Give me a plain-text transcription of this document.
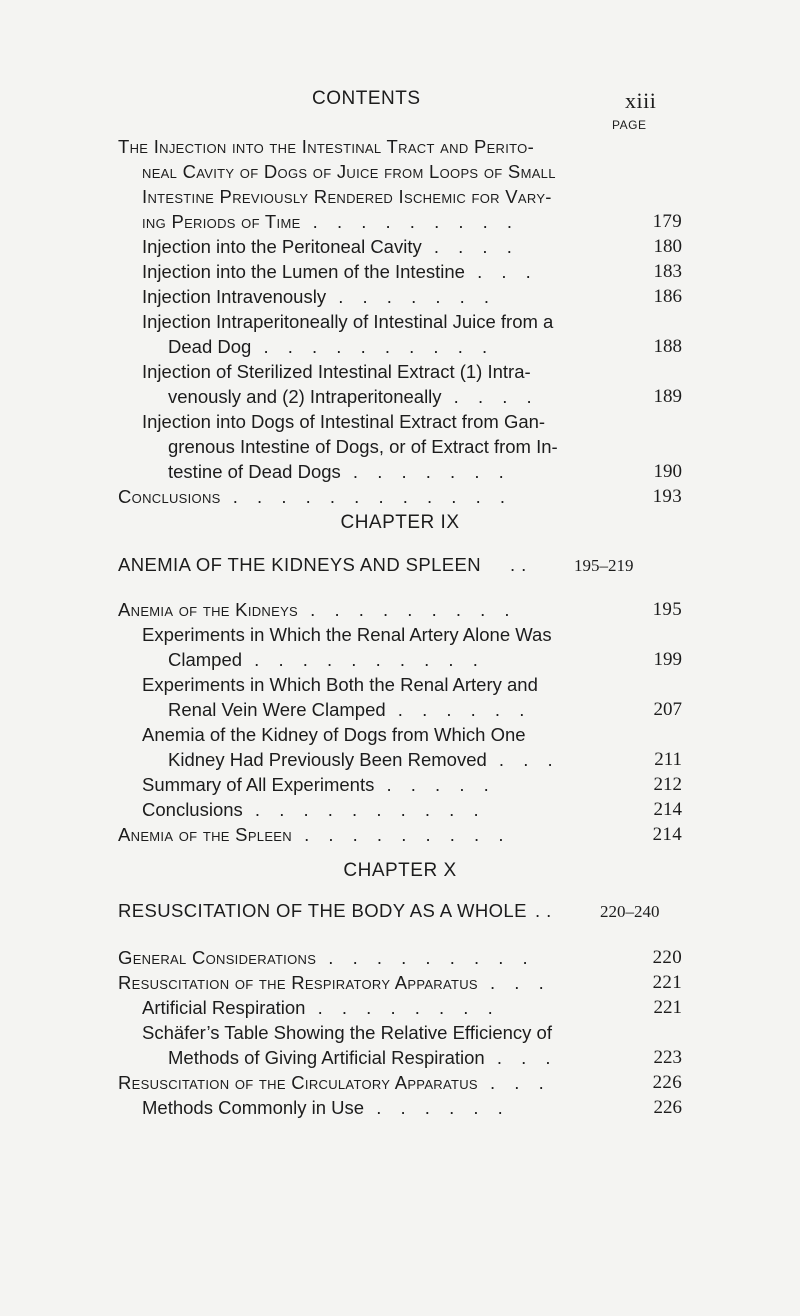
CONTENTS	xiii
PAGE
The Injection into the Intestinal Tract and Perito-
neal Cavity of Dogs of Juice from Loops of Small
Intestine Previously Rendered Ischemic for Vary-
ing Periods of Time . . . . . . . . .	179
Injection into the Peritoneal Cavity . . . .	180
Injection into the Lumen of the Intestine . . .	183
Injection Intravenously . . . . . . .	186
Injection Intraperitoneally of Intestinal Juice from a
Dead Dog . . . . . . . . . .	188
Injection of Sterilized Intestinal Extract (1) Intra-
venously and (2) Intraperitoneally . . . .	189
Injection into Dogs of Intestinal Extract from Gan-
grenous Intestine of Dogs, or of Extract from In-
testine of Dead Dogs . . . . . . .	190
Conclusions . . . . . . . . . . . .	193
CHAPTER IX
ANEMIA OF THE KIDNEYS AND SPLEEN . .	195–219
Anemia of the Kidneys . . . . . . . . .	195
Experiments in Which the Renal Artery Alone Was
Clamped . . . . . . . . . .	199
Experiments in Which Both the Renal Artery and
Renal Vein Were Clamped . . . . . .	207
Anemia of the Kidney of Dogs from Which One
Kidney Had Previously Been Removed . . .	211
Summary of All Experiments . . . . .	212
Conclusions . . . . . . . . . .	214
Anemia of the Spleen . . . . . . . . .	214
CHAPTER X
RESUSCITATION OF THE BODY AS A WHOLE . .	220–240
General Considerations . . . . . . . . .	220
Resuscitation of the Respiratory Apparatus . . .	221
Artificial Respiration . . . . . . . .	221
Schäfer’s Table Showing the Relative Efficiency of
Methods of Giving Artificial Respiration . . .	223
Resuscitation of the Circulatory Apparatus . . .	226
Methods Commonly in Use . . . . . .	226
